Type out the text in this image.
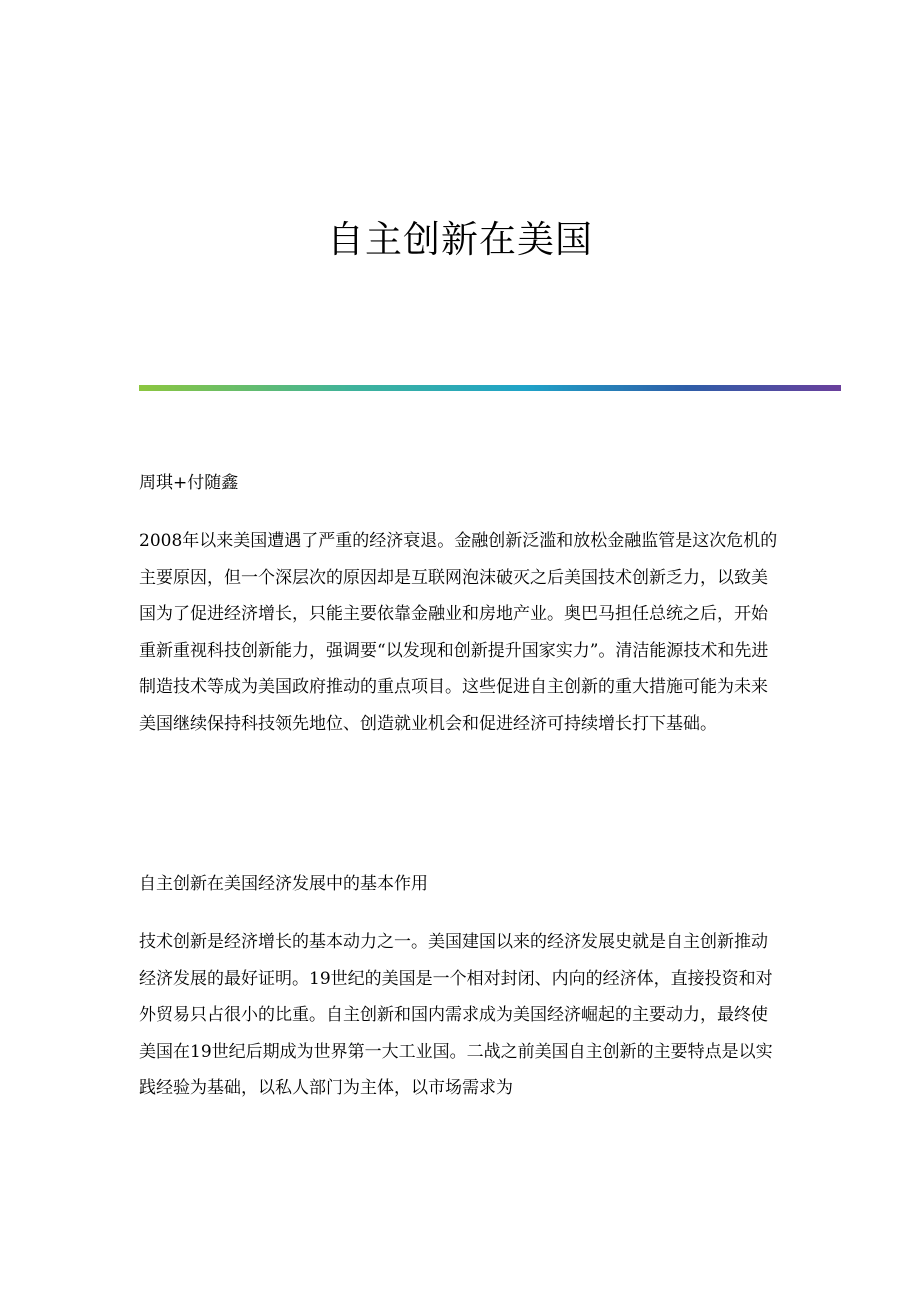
自主创新在美国

周琪+付随鑫

2008年以来美国遭遇了严重的经济衰退。金融创新泛滥和放松金融监管是这次危机的主要原因，但一个深层次的原因却是互联网泡沫破灭之后美国技术创新乏力，以致美国为了促进经济增长，只能主要依靠金融业和房地产业。奥巴马担任总统之后，开始重新重视科技创新能力，强调要“以发现和创新提升国家实力”。清洁能源技术和先进制造技术等成为美国政府推动的重点项目。这些促进自主创新的重大措施可能为未来美国继续保持科技领先地位、创造就业机会和促进经济可持续增长打下基础。

自主创新在美国经济发展中的基本作用

技术创新是经济增长的基本动力之一。美国建国以来的经济发展史就是自主创新推动经济发展的最好证明。19世纪的美国是一个相对封闭、内向的经济体，直接投资和对外贸易只占很小的比重。自主创新和国内需求成为美国经济崛起的主要动力，最终使美国在19世纪后期成为世界第一大工业国。二战之前美国自主创新的主要特点是以实践经验为基础，以私人部门为主体，以市场需求为
